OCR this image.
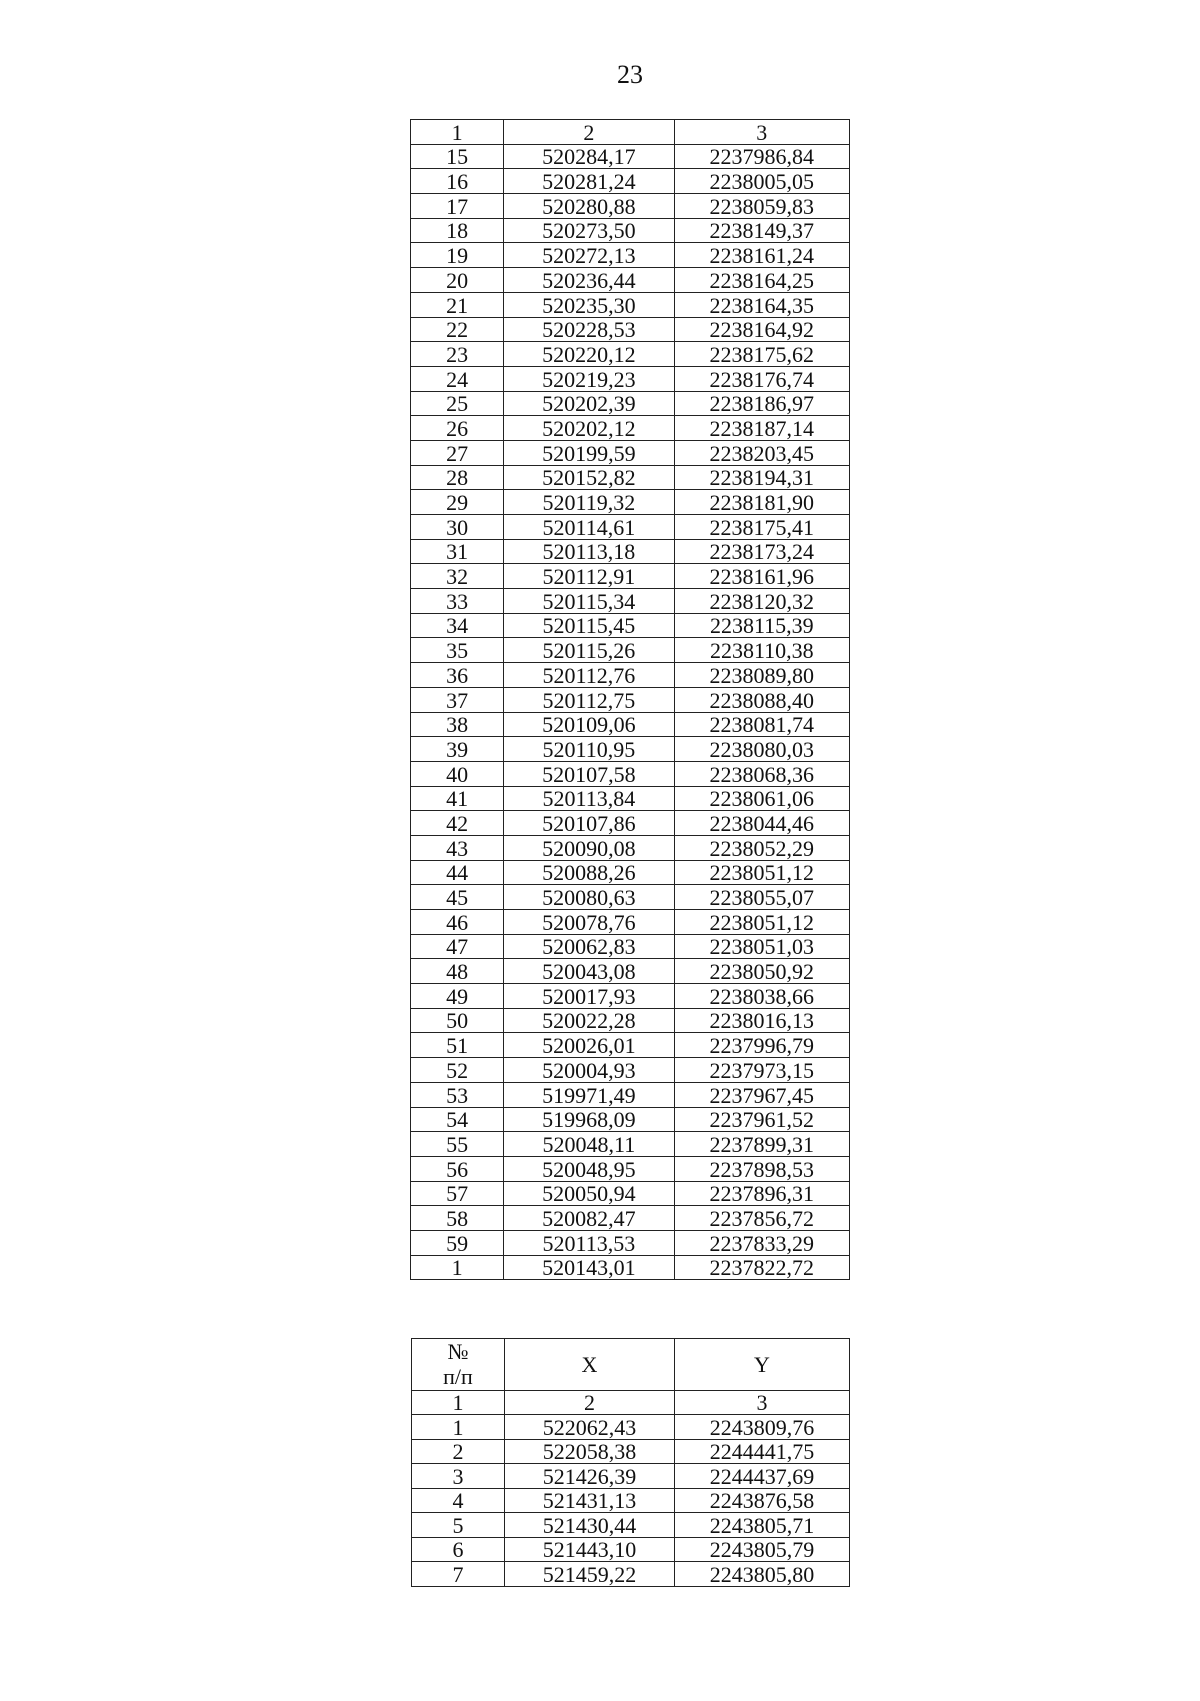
23
1	2	3
15	520284,17	2237986,84
16	520281,24	2238005,05
17	520280,88	2238059,83
18	520273,50	2238149,37
19	520272,13	2238161,24
20	520236,44	2238164,25
21	520235,30	2238164,35
22	520228,53	2238164,92
23	520220,12	2238175,62
24	520219,23	2238176,74
25	520202,39	2238186,97
26	520202,12	2238187,14
27	520199,59	2238203,45
28	520152,82	2238194,31
29	520119,32	2238181,90
30	520114,61	2238175,41
31	520113,18	2238173,24
32	520112,91	2238161,96
33	520115,34	2238120,32
34	520115,45	2238115,39
35	520115,26	2238110,38
36	520112,76	2238089,80
37	520112,75	2238088,40
38	520109,06	2238081,74
39	520110,95	2238080,03
40	520107,58	2238068,36
41	520113,84	2238061,06
42	520107,86	2238044,46
43	520090,08	2238052,29
44	520088,26	2238051,12
45	520080,63	2238055,07
46	520078,76	2238051,12
47	520062,83	2238051,03
48	520043,08	2238050,92
49	520017,93	2238038,66
50	520022,28	2238016,13
51	520026,01	2237996,79
52	520004,93	2237973,15
53	519971,49	2237967,45
54	519968,09	2237961,52
55	520048,11	2237899,31
56	520048,95	2237898,53
57	520050,94	2237896,31
58	520082,47	2237856,72
59	520113,53	2237833,29
1	520143,01	2237822,72
№
п/п	X	Y
1	2	3
1	522062,43	2243809,76
2	522058,38	2244441,75
3	521426,39	2244437,69
4	521431,13	2243876,58
5	521430,44	2243805,71
6	521443,10	2243805,79
7	521459,22	2243805,80
